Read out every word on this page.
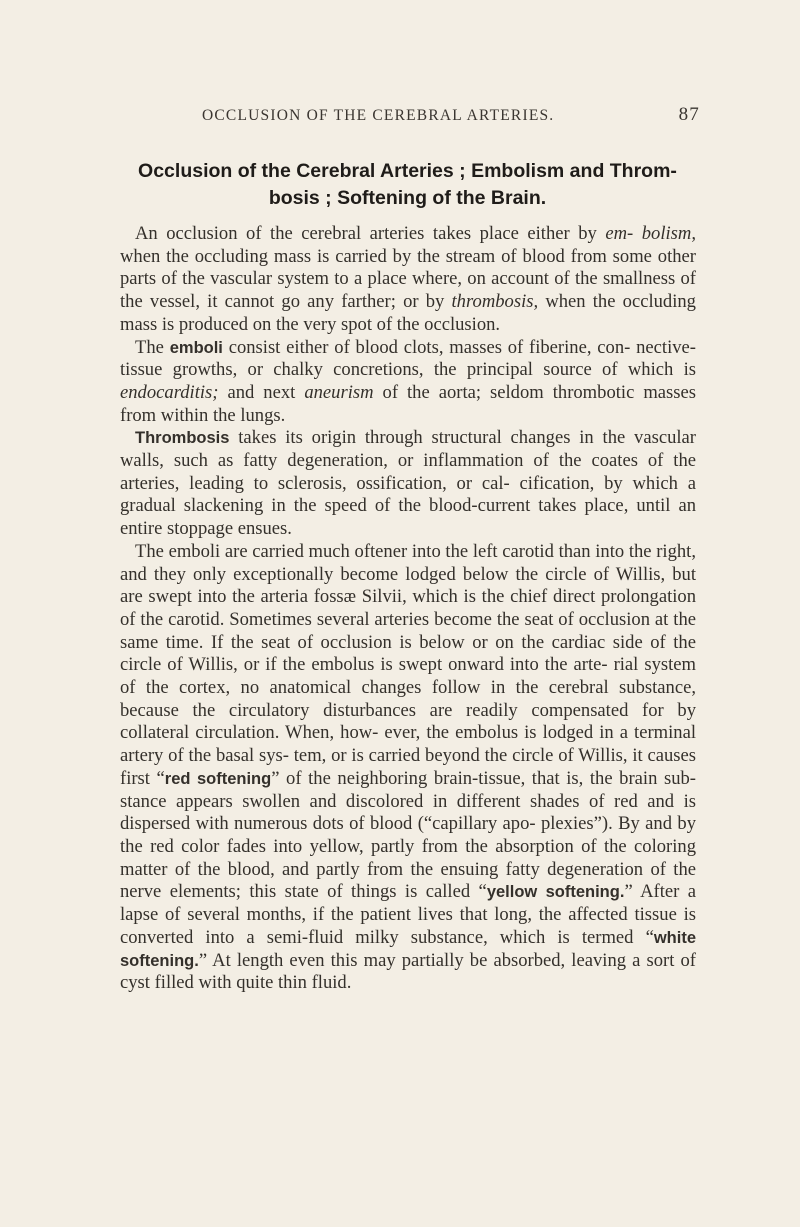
OCCLUSION OF THE CEREBRAL ARTERIES.	87
Occlusion of the Cerebral Arteries ; Embolism and Throm-
bosis ; Softening of the Brain.

An occlusion of the cerebral arteries takes place either by em- bolism, when the occluding mass is carried by the stream of blood from some other parts of the vascular system to a place where, on account of the smallness of the vessel, it cannot go any farther; or by thrombosis, when the occluding mass is produced on the very spot of the occlusion.

The emboli consist either of blood clots, masses of fiberine, con- nective-tissue growths, or chalky concretions, the principal source of which is endocarditis; and next aneurism of the aorta; seldom thrombotic masses from within the lungs.

Thrombosis takes its origin through structural changes in the vascular walls, such as fatty degeneration, or inflammation of the coates of the arteries, leading to sclerosis, ossification, or cal- cification, by which a gradual slackening in the speed of the blood-current takes place, until an entire stoppage ensues.

The emboli are carried much oftener into the left carotid than into the right, and they only exceptionally become lodged below the circle of Willis, but are swept into the arteria fossæ Silvii, which is the chief direct prolongation of the carotid. Sometimes several arteries become the seat of occlusion at the same time. If the seat of occlusion is below or on the cardiac side of the circle of Willis, or if the embolus is swept onward into the arte- rial system of the cortex, no anatomical changes follow in the cerebral substance, because the circulatory disturbances are readily compensated for by collateral circulation. When, how- ever, the embolus is lodged in a terminal artery of the basal sys- tem, or is carried beyond the circle of Willis, it causes first “red softening” of the neighboring brain-tissue, that is, the brain sub- stance appears swollen and discolored in different shades of red and is dispersed with numerous dots of blood (“capillary apo- plexies”). By and by the red color fades into yellow, partly from the absorption of the coloring matter of the blood, and partly from the ensuing fatty degeneration of the nerve elements; this state of things is called “yellow softening.” After a lapse of several months, if the patient lives that long, the affected tissue is converted into a semi-fluid milky substance, which is termed “white softening.” At length even this may partially be absorbed, leaving a sort of cyst filled with quite thin fluid.
